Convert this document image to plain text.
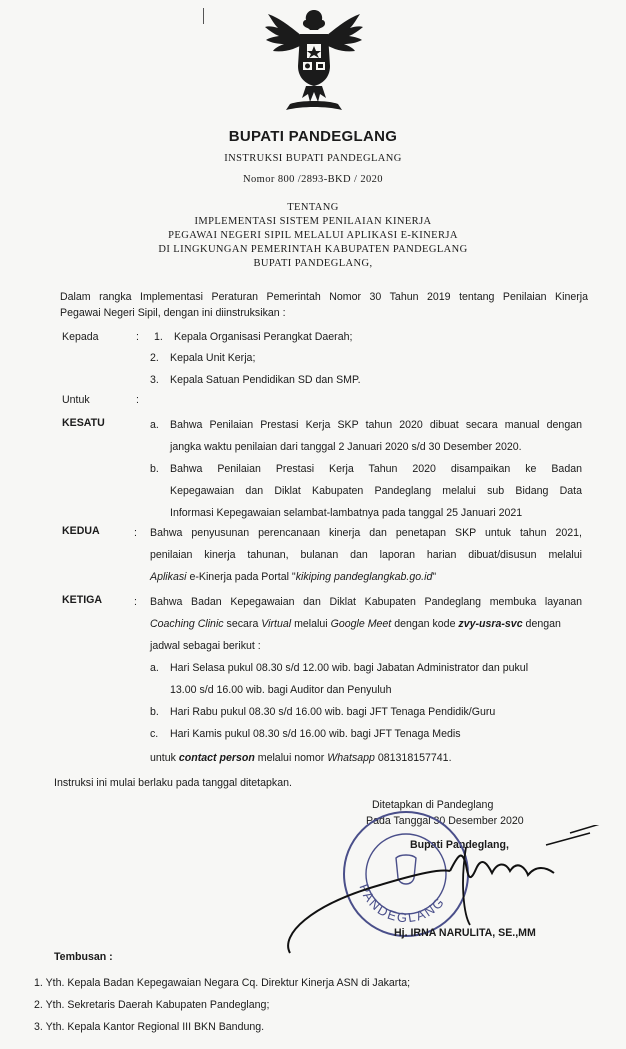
BUPATI PANDEGLANG
INSTRUKSI BUPATI PANDEGLANG
Nomor 800 /2893-BKD / 2020
TENTANG
IMPLEMENTASI SISTEM PENILAIAN KINERJA
PEGAWAI NEGERI SIPIL MELALUI APLIKASI E-KINERJA
DI LINGKUNGAN PEMERINTAH KABUPATEN PANDEGLANG
BUPATI PANDEGLANG,
Dalam rangka Implementasi Peraturan Pemerintah Nomor 30 Tahun 2019 tentang Penilaian Kinerja
Pegawai Negeri Sipil, dengan ini diinstruksikan :
Kepada	: 1. Kepala Organisasi Perangkat Daerah;
2. Kepala Unit Kerja;
3. Kepala Satuan Pendidikan SD dan SMP.
Untuk	:
KESATU	a. Bahwa Penilaian Prestasi Kerja SKP tahun 2020 dibuat secara manual dengan
jangka waktu penilaian dari tanggal 2 Januari 2020 s/d 30 Desember 2020.
b. Bahwa Penilaian Prestasi Kerja Tahun 2020 disampaikan ke Badan
Kepegawaian dan Diklat Kabupaten Pandeglang melalui sub Bidang Data
Informasi Kepegawaian selambat-lambatnya pada tanggal 25 Januari 2021
KEDUA	: Bahwa penyusunan perencanaan kinerja dan penetapan SKP untuk tahun 2021,
penilaian kinerja tahunan, bulanan dan laporan harian dibuat/disusun melalui
Aplikasi e-Kinerja pada Portal "kikiping pandeglangkab.go.id"
KETIGA	: Bahwa Badan Kepegawaian dan Diklat Kabupaten Pandeglang membuka layanan
Coaching Clinic secara Virtual melalui Google Meet dengan kode zvy-usra-svc dengan
jadwal sebagai berikut :
a. Hari Selasa pukul 08.30 s/d 12.00 wib. bagi Jabatan Administrator dan pukul
13.00 s/d 16.00 wib. bagi Auditor dan Penyuluh
b. Hari Rabu pukul 08.30 s/d 16.00 wib. bagi JFT Tenaga Pendidik/Guru
c. Hari Kamis pukul 08.30 s/d 16.00 wib. bagi JFT Tenaga Medis
untuk contact person melalui nomor Whatsapp 081318157741.
Instruksi ini mulai berlaku pada tanggal ditetapkan.
Ditetapkan di Pandeglang
Pada Tanggal 30 Desember 2020
Bupati Pandeglang,
PANDEGLANG
Hj. IRNA NARULITA, SE.,MM
Tembusan :
1. Yth. Kepala Badan Kepegawaian Negara Cq. Direktur Kinerja ASN di Jakarta;
2. Yth. Sekretaris Daerah Kabupaten Pandeglang;
3. Yth. Kepala Kantor Regional III BKN Bandung.
